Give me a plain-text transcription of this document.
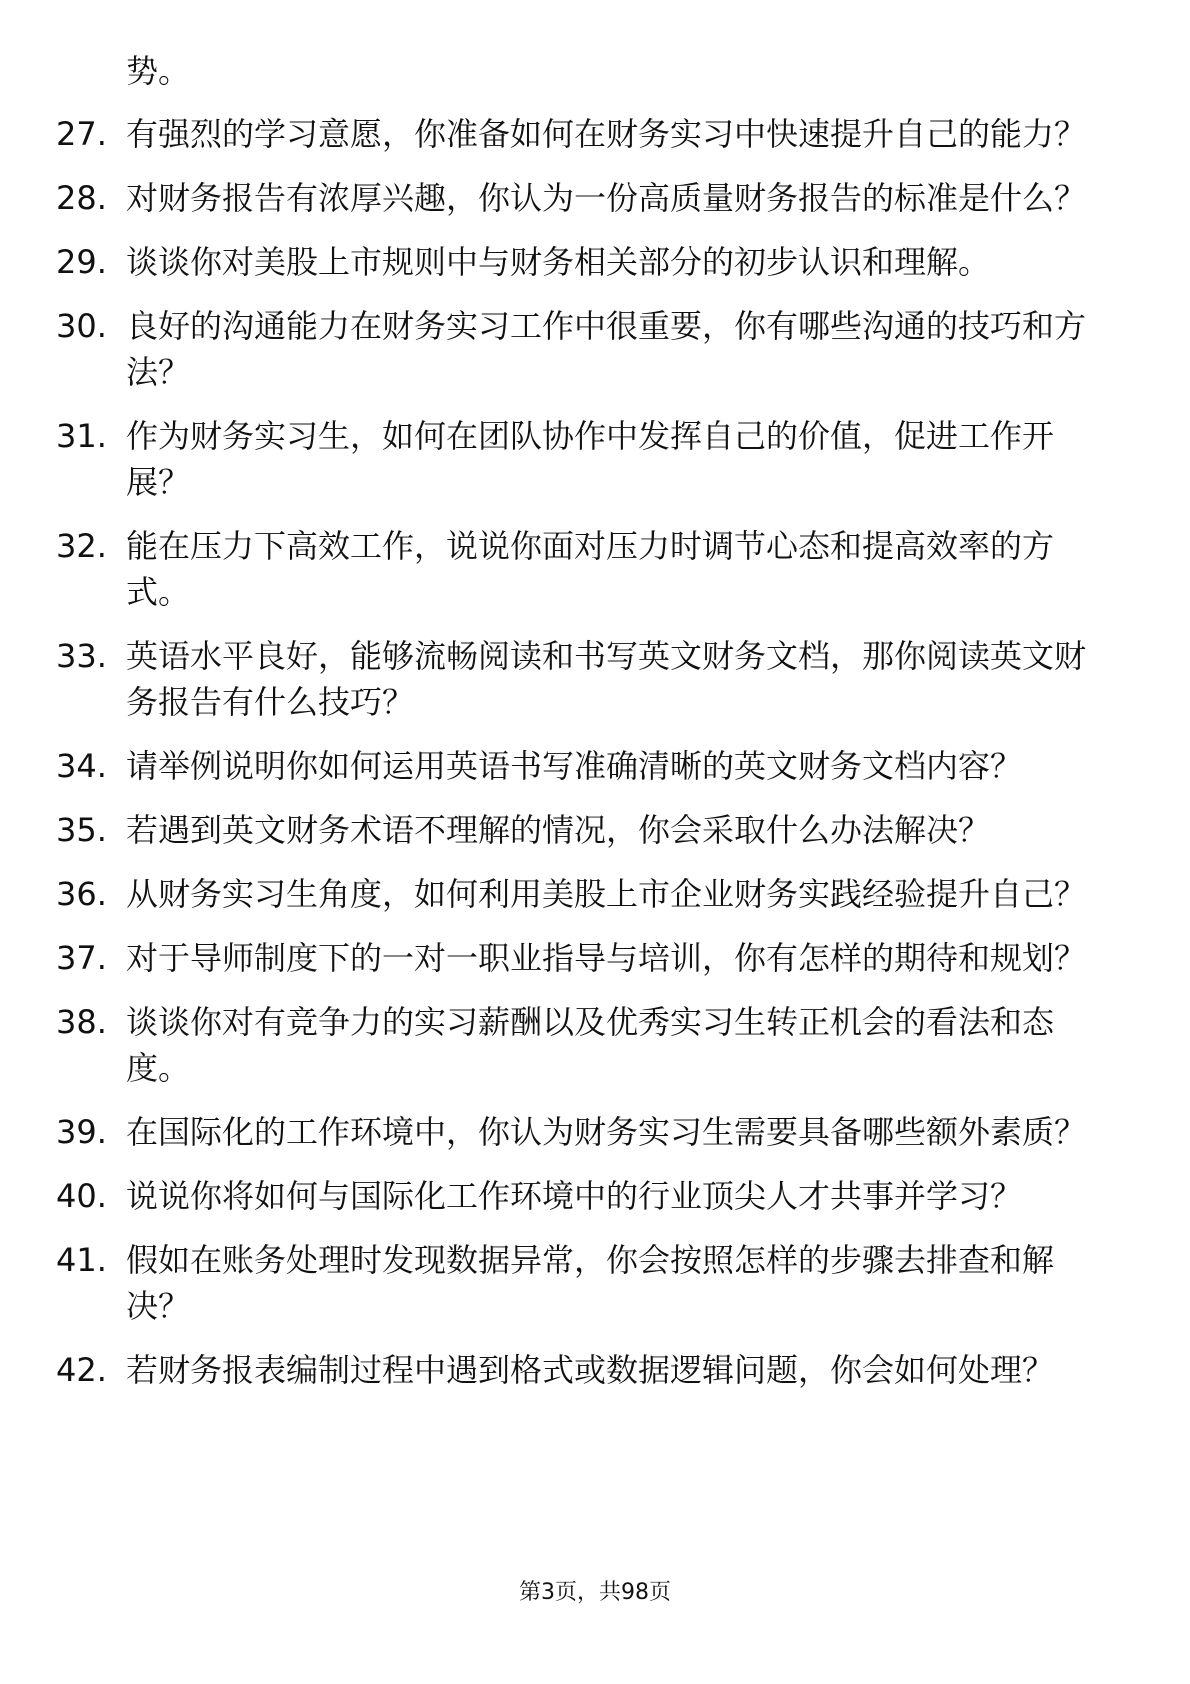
势。
27. 有强烈的学习意愿，你准备如何在财务实习中快速提升自己的能力？
28. 对财务报告有浓厚兴趣，你认为一份高质量财务报告的标准是什么？
29. 谈谈你对美股上市规则中与财务相关部分的初步认识和理解。
30. 良好的沟通能力在财务实习工作中很重要，你有哪些沟通的技巧和方法？
31. 作为财务实习生，如何在团队协作中发挥自己的价值，促进工作开展？
32. 能在压力下高效工作，说说你面对压力时调节心态和提高效率的方式。
33. 英语水平良好，能够流畅阅读和书写英文财务文档，那你阅读英文财务报告有什么技巧？
34. 请举例说明你如何运用英语书写准确清晰的英文财务文档内容？
35. 若遇到英文财务术语不理解的情况，你会采取什么办法解决？
36. 从财务实习生角度，如何利用美股上市企业财务实践经验提升自己？
37. 对于导师制度下的一对一职业指导与培训，你有怎样的期待和规划？
38. 谈谈你对有竞争力的实习薪酬以及优秀实习生转正机会的看法和态度。
39. 在国际化的工作环境中，你认为财务实习生需要具备哪些额外素质？
40. 说说你将如何与国际化工作环境中的行业顶尖人才共事并学习？
41. 假如在账务处理时发现数据异常，你会按照怎样的步骤去排查和解决？
42. 若财务报表编制过程中遇到格式或数据逻辑问题，你会如何处理？
第3页，共98页
